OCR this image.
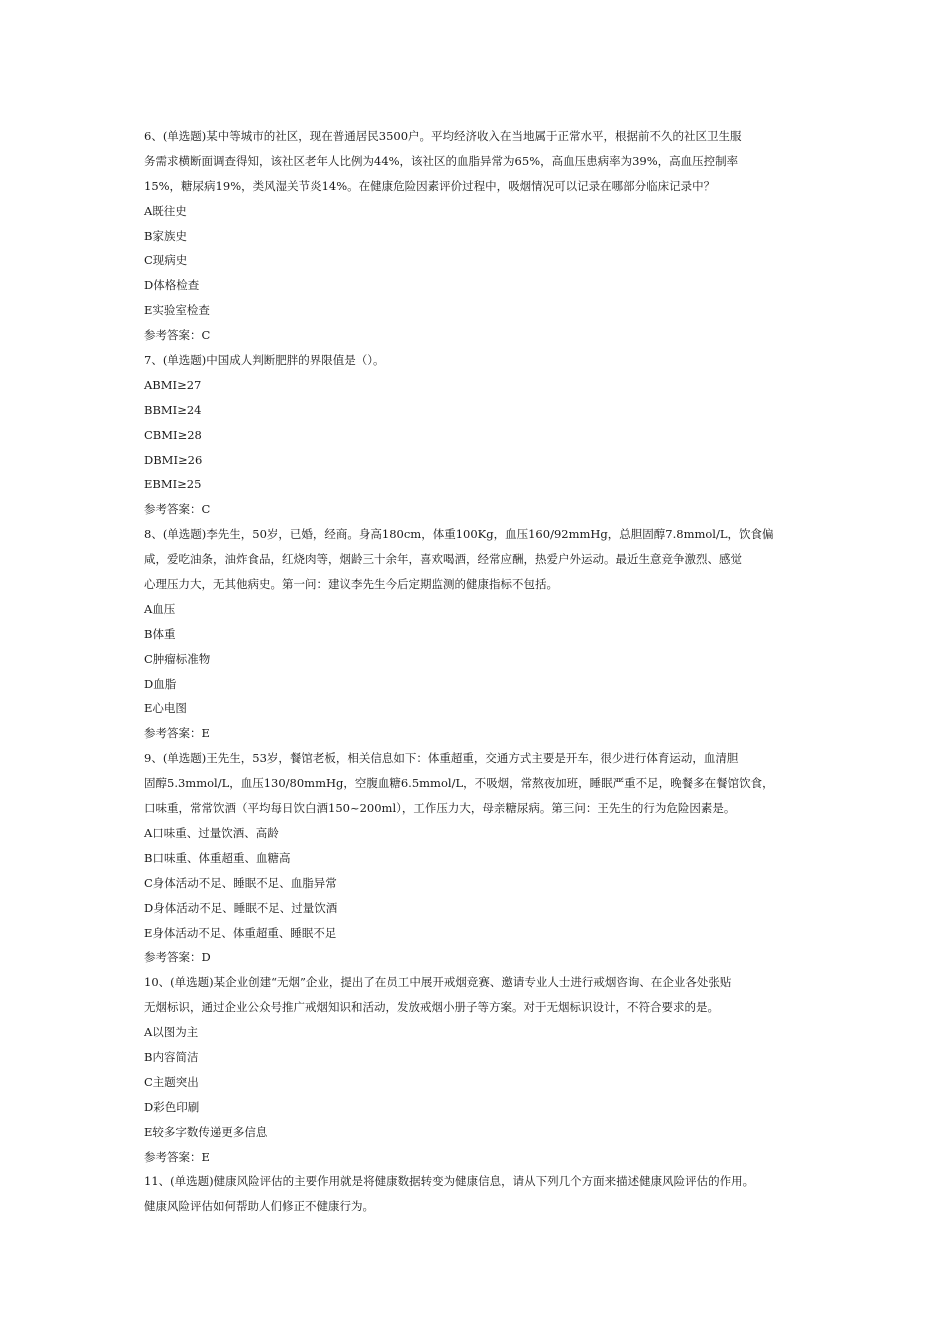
6、(单选题)某中等城市的社区，现在普通居民3500户。平均经济收入在当地属于正常水平，根据前不久的社区卫生服
务需求横断面调查得知，该社区老年人比例为44%，该社区的血脂异常为65%，高血压患病率为39%，高血压控制率
15%，糖尿病19%，类风湿关节炎14%。在健康危险因素评价过程中，吸烟情况可以记录在哪部分临床记录中？
A既往史
B家族史
C现病史
D体格检查
E实验室检查
参考答案：C
7、(单选题)中国成人判断肥胖的界限值是（）。
ABMI≥27
BBMI≥24
CBMI≥28
DBMI≥26
EBMI≥25
参考答案：C
8、(单选题)李先生，50岁，已婚，经商。身高180cm，体重100Kg，血压160/92mmHg，总胆固醇7.8mmol/L，饮食偏
咸，爱吃油条，油炸食品，红烧肉等，烟龄三十余年，喜欢喝酒，经常应酬，热爱户外运动。最近生意竞争激烈、感觉
心理压力大，无其他病史。第一问：建议李先生今后定期监测的健康指标不包括。
A血压
B体重
C肿瘤标准物
D血脂
E心电图
参考答案：E
9、(单选题)王先生，53岁，餐馆老板，相关信息如下：体重超重，交通方式主要是开车，很少进行体育运动，血清胆
固醇5.3mmol/L，血压130/80mmHg，空腹血糖6.5mmol/L，不吸烟，常熬夜加班，睡眠严重不足，晚餐多在餐馆饮食，
口味重，常常饮酒（平均每日饮白酒150~200ml），工作压力大，母亲糖尿病。第三问：王先生的行为危险因素是。
A口味重、过量饮酒、高龄
B口味重、体重超重、血糖高
C身体活动不足、睡眠不足、血脂异常
D身体活动不足、睡眠不足、过量饮酒
E身体活动不足、体重超重、睡眠不足
参考答案：D
10、(单选题)某企业创建“无烟”企业，提出了在员工中展开戒烟竞赛、邀请专业人士进行戒烟咨询、在企业各处张贴
无烟标识，通过企业公众号推广戒烟知识和活动，发放戒烟小册子等方案。对于无烟标识设计，不符合要求的是。
A以图为主
B内容简洁
C主题突出
D彩色印刷
E较多字数传递更多信息
参考答案：E
11、(单选题)健康风险评估的主要作用就是将健康数据转变为健康信息，请从下列几个方面来描述健康风险评估的作用。
健康风险评估如何帮助人们修正不健康行为。
